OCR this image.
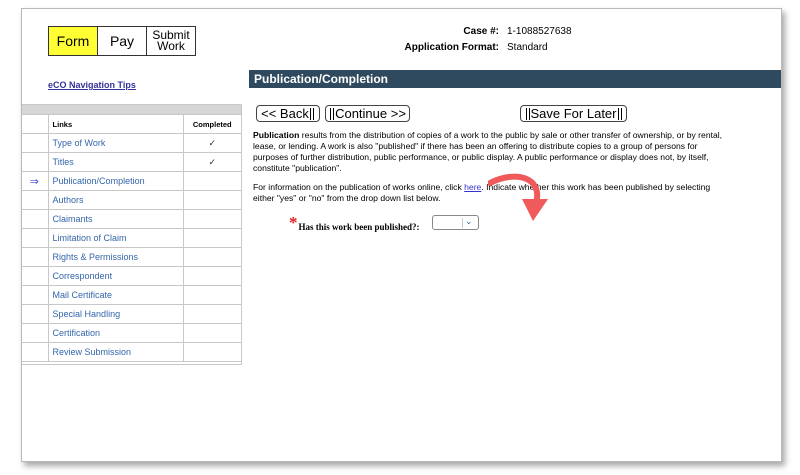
Form	Pay	Submit
Work
Case #: 1-1088527638
Application Format: Standard
eCO Navigation Tips

	Links	Completed
	Type of Work	✓
	Titles	✓
⇒	Publication/Completion	
	Authors	
	Claimants	
	Limitation of Claim	
	Rights & Permissions	
	Correspondent	
	Mail Certificate	
	Special Handling	
	Certification	
	Review Submission	
Publication/Completion
<< Back Continue >>	Save For Later
Publication results from the distribution of copies of a work to the public by sale or other transfer of ownership, or by rental, lease, or lending. A work is also "published" if there has been an offering to distribute copies to a group of persons for purposes of further distribution, public performance, or public display. A public performance or display does not, by itself, constitute "publication".
For information on the publication of works online, click here. Indicate whether this work has been published by selecting either "yes" or "no" from the drop down list below.
* Has this work been published?:
⌄
